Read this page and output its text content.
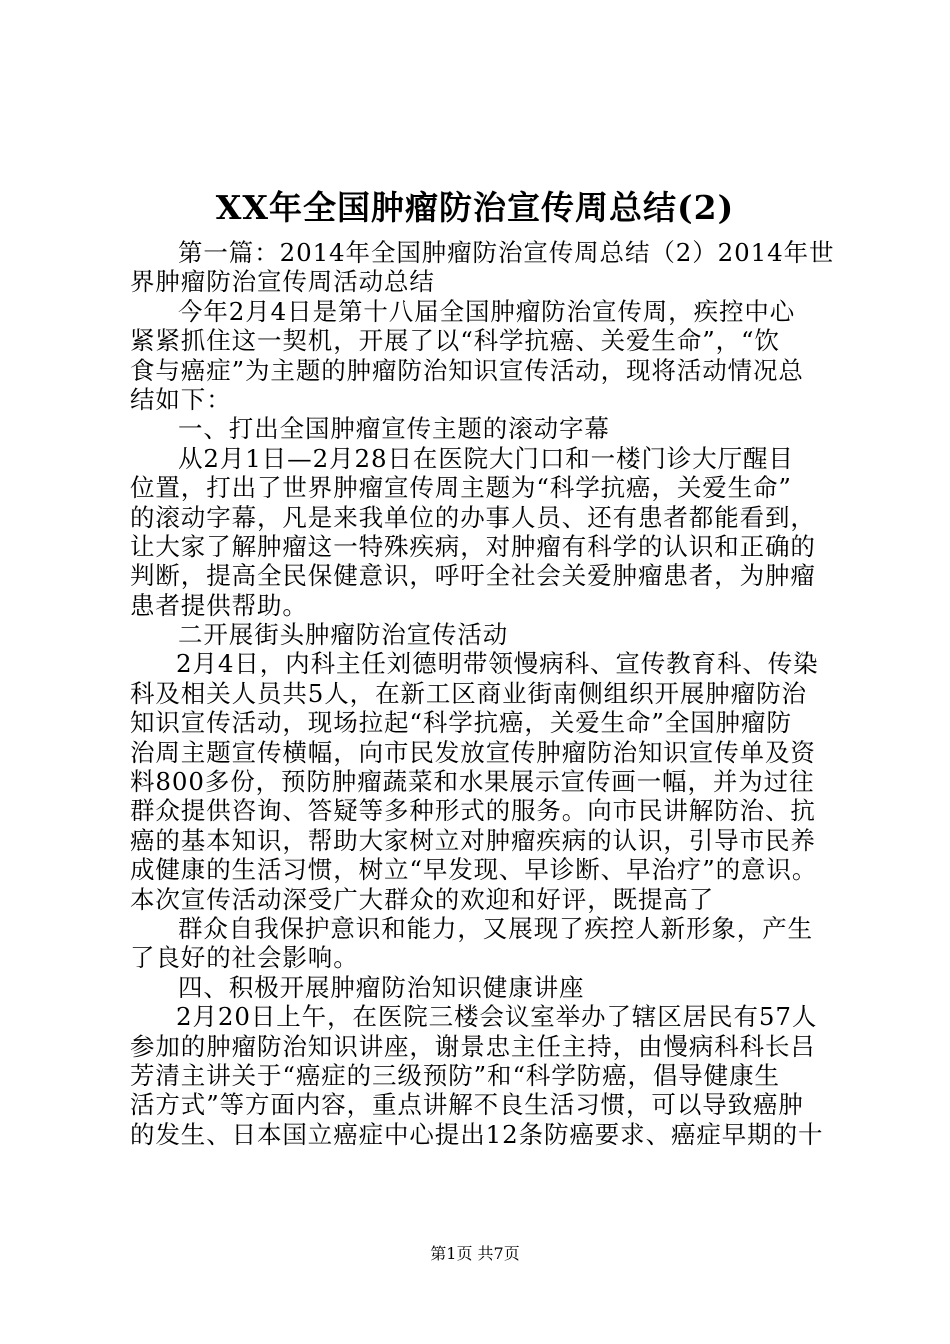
XX年全国肿瘤防治宣传周总结(2)
第一篇：2014年全国肿瘤防治宣传周总结（2）2014年世
界肿瘤防治宣传周活动总结
今年2月4日是第十八届全国肿瘤防治宣传周，疾控中心
紧紧抓住这一契机，开展了以“科学抗癌、关爱生命”，“饮
食与癌症”为主题的肿瘤防治知识宣传活动，现将活动情况总
结如下：
一、打出全国肿瘤宣传主题的滚动字幕
从2月1日—2月28日在医院大门口和一楼门诊大厅醒目
位置，打出了世界肿瘤宣传周主题为“科学抗癌，关爱生命”
的滚动字幕，凡是来我单位的办事人员、还有患者都能看到，
让大家了解肿瘤这一特殊疾病，对肿瘤有科学的认识和正确的
判断，提高全民保健意识，呼吁全社会关爱肿瘤患者，为肿瘤
患者提供帮助。
二开展街头肿瘤防治宣传活动
2月4日，内科主任刘德明带领慢病科、宣传教育科、传染
科及相关人员共5人，在新工区商业街南侧组织开展肿瘤防治
知识宣传活动，现场拉起“科学抗癌，关爱生命”全国肿瘤防
治周主题宣传横幅，向市民发放宣传肿瘤防治知识宣传单及资
料800多份，预防肿瘤蔬菜和水果展示宣传画一幅，并为过往
群众提供咨询、答疑等多种形式的服务。向市民讲解防治、抗
癌的基本知识，帮助大家树立对肿瘤疾病的认识，引导市民养
成健康的生活习惯，树立“早发现、早诊断、早治疗”的意识。
本次宣传活动深受广大群众的欢迎和好评，既提高了
群众自我保护意识和能力，又展现了疾控人新形象，产生
了良好的社会影响。
四、积极开展肿瘤防治知识健康讲座
2月20日上午，在医院三楼会议室举办了辖区居民有57人
参加的肿瘤防治知识讲座，谢景忠主任主持，由慢病科科长吕
芳清主讲关于“癌症的三级预防”和“科学防癌，倡导健康生
活方式”等方面内容，重点讲解不良生活习惯，可以导致癌肿
的发生、日本国立癌症中心提出12条防癌要求、癌症早期的十
第1页 共7页
